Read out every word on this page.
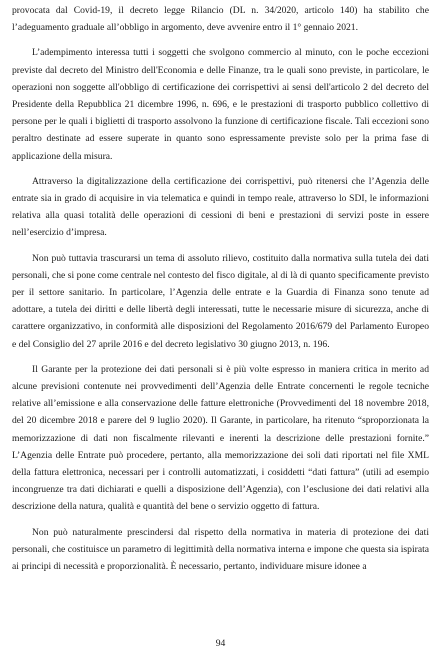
provocata dal Covid-19, il decreto legge Rilancio (DL n. 34/2020, articolo 140) ha stabilito che l’adeguamento graduale all’obbligo in argomento, deve avvenire entro il 1° gennaio 2021.

L’adempimento interessa tutti i soggetti che svolgono commercio al minuto, con le poche eccezioni previste dal decreto del Ministro dell'Economia e delle Finanze, tra le quali sono previste, in particolare, le operazioni non soggette all'obbligo di certificazione dei corrispettivi ai sensi dell'articolo 2 del decreto del Presidente della Repubblica 21 dicembre 1996, n. 696, e le prestazioni di trasporto pubblico collettivo di persone per le quali i biglietti di trasporto assolvono la funzione di certificazione fiscale. Tali eccezioni sono peraltro destinate ad essere superate in quanto sono espressamente previste solo per la prima fase di applicazione della misura.

Attraverso la digitalizzazione della certificazione dei corrispettivi, può ritenersi che l’Agenzia delle entrate sia in grado di acquisire in via telematica e quindi in tempo reale, attraverso lo SDI, le informazioni relativa alla quasi totalità delle operazioni di cessioni di beni e prestazioni di servizi poste in essere nell’esercizio d’impresa.

Non può tuttavia trascurarsi un tema di assoluto rilievo, costituito dalla normativa sulla tutela dei dati personali, che si pone come centrale nel contesto del fisco digitale, al di là di quanto specificamente previsto per il settore sanitario. In particolare, l’Agenzia delle entrate e la Guardia di Finanza sono tenute ad adottare, a tutela dei diritti e delle libertà degli interessati, tutte le necessarie misure di sicurezza, anche di carattere organizzativo, in conformità alle disposizioni del Regolamento 2016/679 del Parlamento Europeo e del Consiglio del 27 aprile 2016 e del decreto legislativo 30 giugno 2013, n. 196.

Il Garante per la protezione dei dati personali si è più volte espresso in maniera critica in merito ad alcune previsioni contenute nei provvedimenti dell’Agenzia delle Entrate concernenti le regole tecniche relative all’emissione e alla conservazione delle fatture elettroniche (Provvedimenti del 18 novembre 2018, del 20 dicembre 2018 e parere del 9 luglio 2020). Il Garante, in particolare, ha ritenuto “sproporzionata la memorizzazione di dati non fiscalmente rilevanti e inerenti la descrizione delle prestazioni fornite.” L’Agenzia delle Entrate può procedere, pertanto, alla memorizzazione dei soli dati riportati nel file XML della fattura elettronica, necessari per i controlli automatizzati, i cosiddetti “dati fattura” (utili ad esempio incongruenze tra dati dichiarati e quelli a disposizione dell’Agenzia), con l’esclusione dei dati relativi alla descrizione della natura, qualità e quantità del bene o servizio oggetto di fattura.

Non può naturalmente prescindersi dal rispetto della normativa in materia di protezione dei dati personali, che costituisce un parametro di legittimità della normativa interna e impone che questa sia ispirata ai principi di necessità e proporzionalità. È necessario, pertanto, individuare misure idonee a

94
